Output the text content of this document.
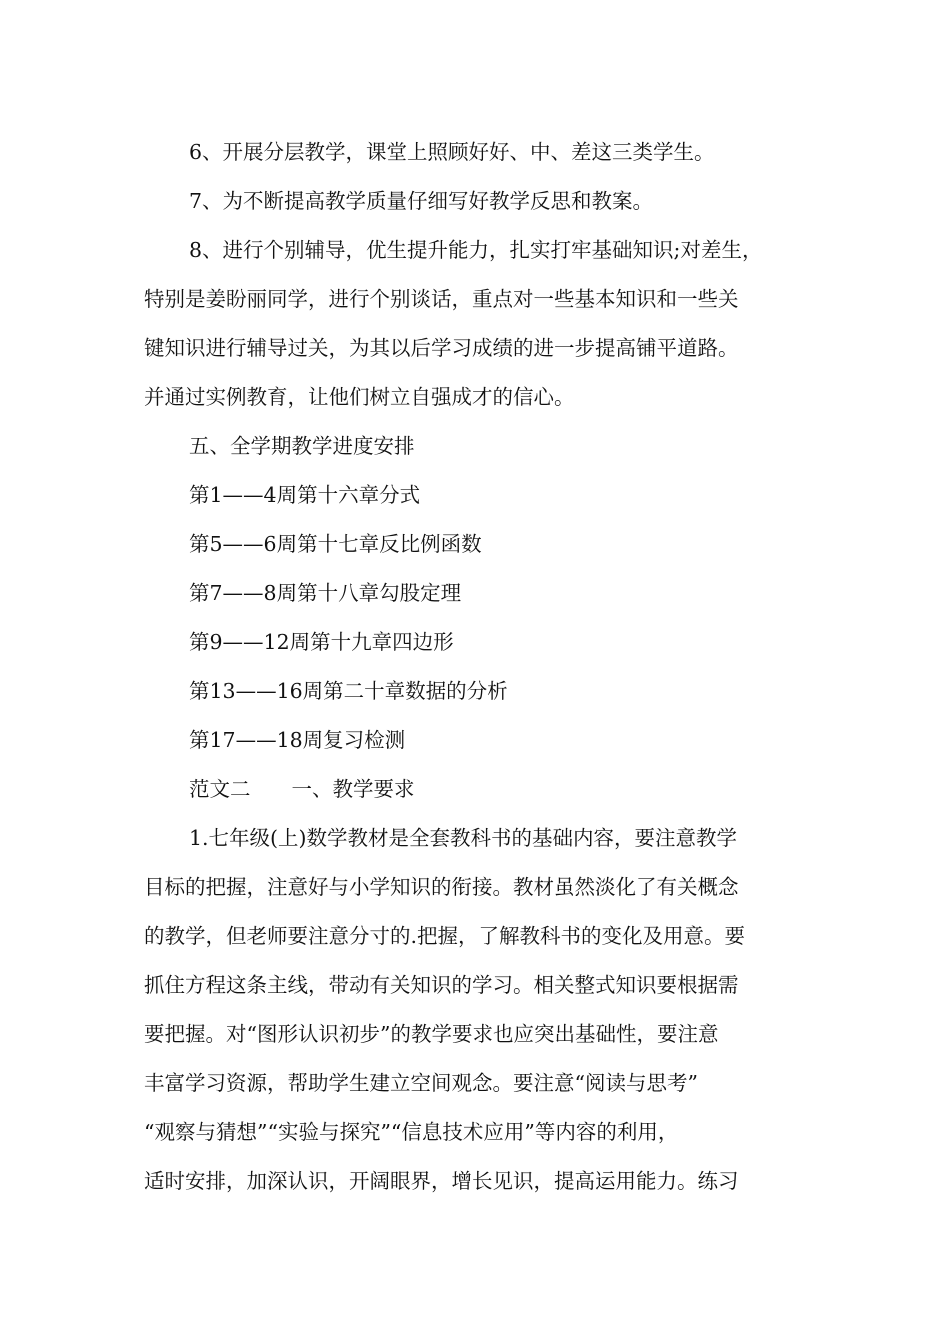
6、开展分层教学，课堂上照顾好好、中、差这三类学生。
7、为不断提高教学质量仔细写好教学反思和教案。
8、进行个别辅导，优生提升能力，扎实打牢基础知识;对差生，
特别是姜盼丽同学，进行个别谈话，重点对一些基本知识和一些关
键知识进行辅导过关，为其以后学习成绩的进一步提高铺平道路。
并通过实例教育，让他们树立自强成才的信心。
五、全学期教学进度安排
第1——4周第十六章分式
第5——6周第十七章反比例函数
第7——8周第十八章勾股定理
第9——12周第十九章四边形
第13——16周第二十章数据的分析
第17——18周复习检测
范文二　　一、教学要求
1.七年级(上)数学教材是全套教科书的基础内容，要注意教学
目标的把握，注意好与小学知识的衔接。教材虽然淡化了有关概念
的教学，但老师要注意分寸的.把握，了解教科书的变化及用意。要
抓住方程这条主线，带动有关知识的学习。相关整式知识要根据需
要把握。对“图形认识初步”的教学要求也应突出基础性，要注意
丰富学习资源，帮助学生建立空间观念。要注意“阅读与思考”
“观察与猜想”“实验与探究”“信息技术应用”等内容的利用，
适时安排，加深认识，开阔眼界，增长见识，提高运用能力。练习
